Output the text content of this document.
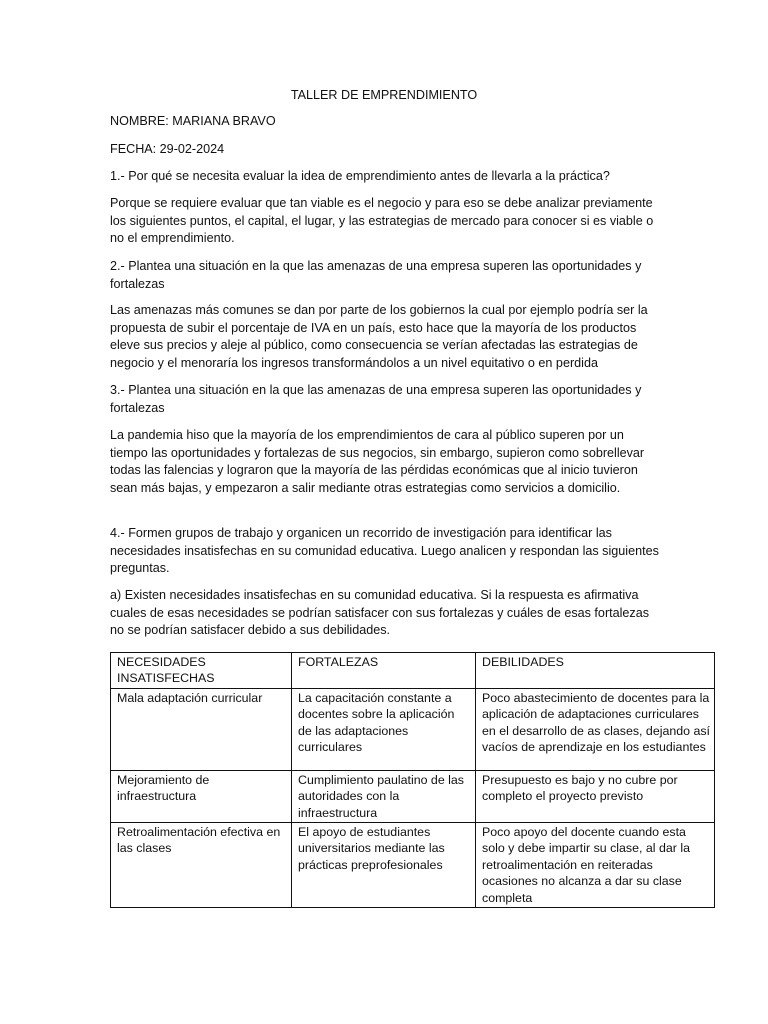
TALLER DE EMPRENDIMIENTO

NOMBRE: MARIANA BRAVO

FECHA: 29-02-2024

1.- Por qué se necesita evaluar la idea de emprendimiento antes de llevarla a la práctica?

Porque se requiere evaluar que tan viable es el negocio y para eso se debe analizar previamente los siguientes puntos, el capital, el lugar, y las estrategias de mercado para conocer si es viable o no el emprendimiento.

2.- Plantea una situación en la que las amenazas de una empresa superen las oportunidades y fortalezas

Las amenazas más comunes se dan por parte de los gobiernos la cual por ejemplo podría ser la propuesta de subir el porcentaje de IVA en un país, esto hace que la mayoría de los productos eleve sus precios y aleje al público, como consecuencia se verían afectadas las estrategias de negocio y el menoraría los ingresos transformándolos a un nivel equitativo o en perdida

3.- Plantea una situación en la que las amenazas de una empresa superen las oportunidades y fortalezas

La pandemia hiso que la mayoría de los emprendimientos de cara al público superen por un tiempo las oportunidades y fortalezas de sus negocios, sin embargo, supieron como sobrellevar todas las falencias y lograron que la mayoría de las pérdidas económicas que al inicio tuvieron sean más bajas, y empezaron a salir mediante otras estrategias como servicios a domicilio.

4.- Formen grupos de trabajo y organicen un recorrido de investigación para identificar las necesidades insatisfechas en su comunidad educativa. Luego analicen y respondan las siguientes preguntas.

a) Existen necesidades insatisfechas en su comunidad educativa. Si la respuesta es afirmativa cuales de esas necesidades se podrían satisfacer con sus fortalezas y cuáles de esas fortalezas no se podrían satisfacer debido a sus debilidades.

NECESIDADES INSATISFECHAS	FORTALEZAS	DEBILIDADES
Mala adaptación curricular	La capacitación constante a docentes sobre la aplicación de las adaptaciones curriculares	Poco abastecimiento de docentes para la aplicación de adaptaciones curriculares en el desarrollo de as clases, dejando así vacíos de aprendizaje en los estudiantes
Mejoramiento de infraestructura	Cumplimiento paulatino de las autoridades con la infraestructura	Presupuesto es bajo y no cubre por completo el proyecto previsto
Retroalimentación efectiva en las clases	El apoyo de estudiantes universitarios mediante las prácticas preprofesionales	Poco apoyo del docente cuando esta solo y debe impartir su clase, al dar la retroalimentación en reiteradas ocasiones no alcanza a dar su clase completa
